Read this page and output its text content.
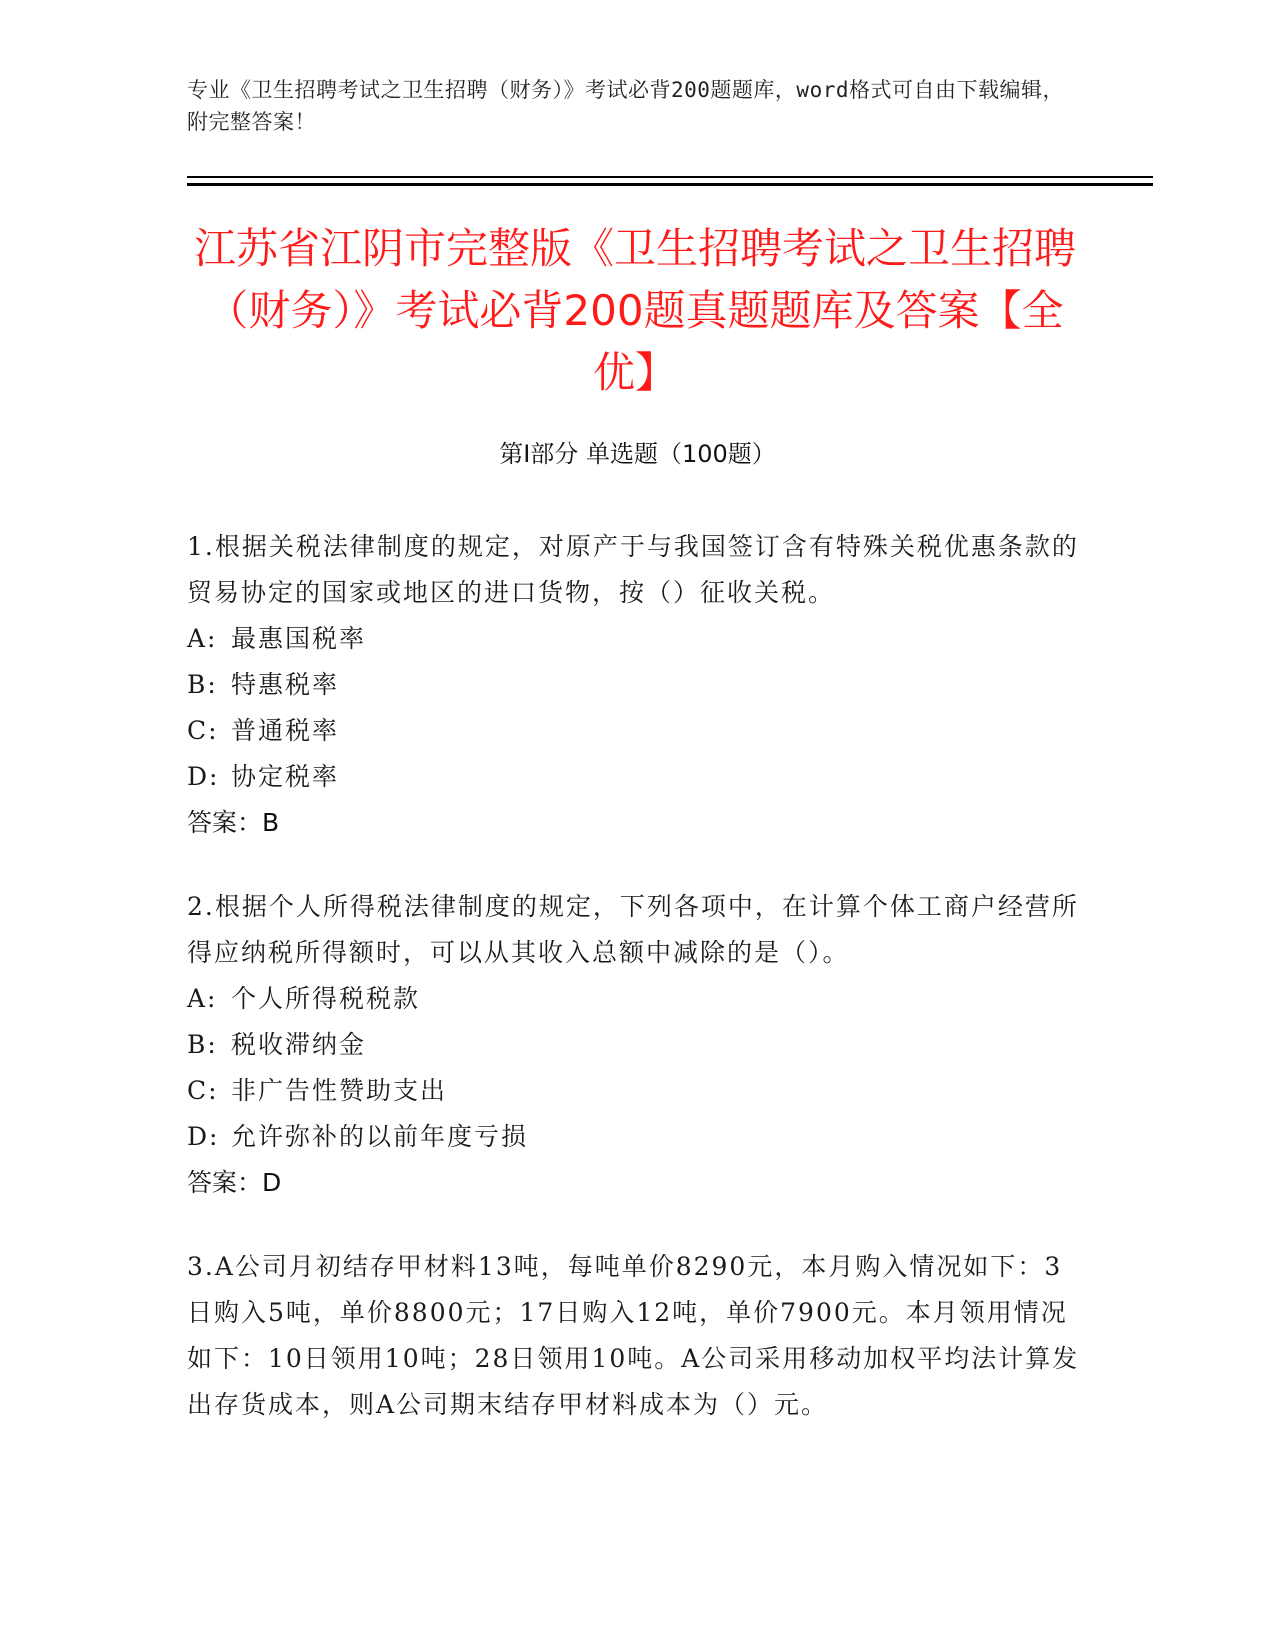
专业《卫生招聘考试之卫生招聘（财务）》考试必背200题题库，word格式可自由下载编辑，附完整答案！
江苏省江阴市完整版《卫生招聘考试之卫生招聘（财务）》考试必背200题真题题库及答案【全优】
第I部分 单选题（100题）

1.根据关税法律制度的规定，对原产于与我国签订含有特殊关税优惠条款的贸易协定的国家或地区的进口货物，按（）征收关税。

A: 最惠国税率

B: 特惠税率

C: 普通税率

D: 协定税率

答案：B

2.根据个人所得税法律制度的规定，下列各项中，在计算个体工商户经营所得应纳税所得额时，可以从其收入总额中减除的是（）。

A: 个人所得税税款

B: 税收滞纳金

C: 非广告性赞助支出

D: 允许弥补的以前年度亏损

答案：D

3.A公司月初结存甲材料13吨，每吨单价8290元，本月购入情况如下：3日购入5吨，单价8800元；17日购入12吨，单价7900元。本月领用情况如下：10日领用10吨；28日领用10吨。A公司采用移动加权平均法计算发出存货成本，则A公司期末结存甲材料成本为（）元。
